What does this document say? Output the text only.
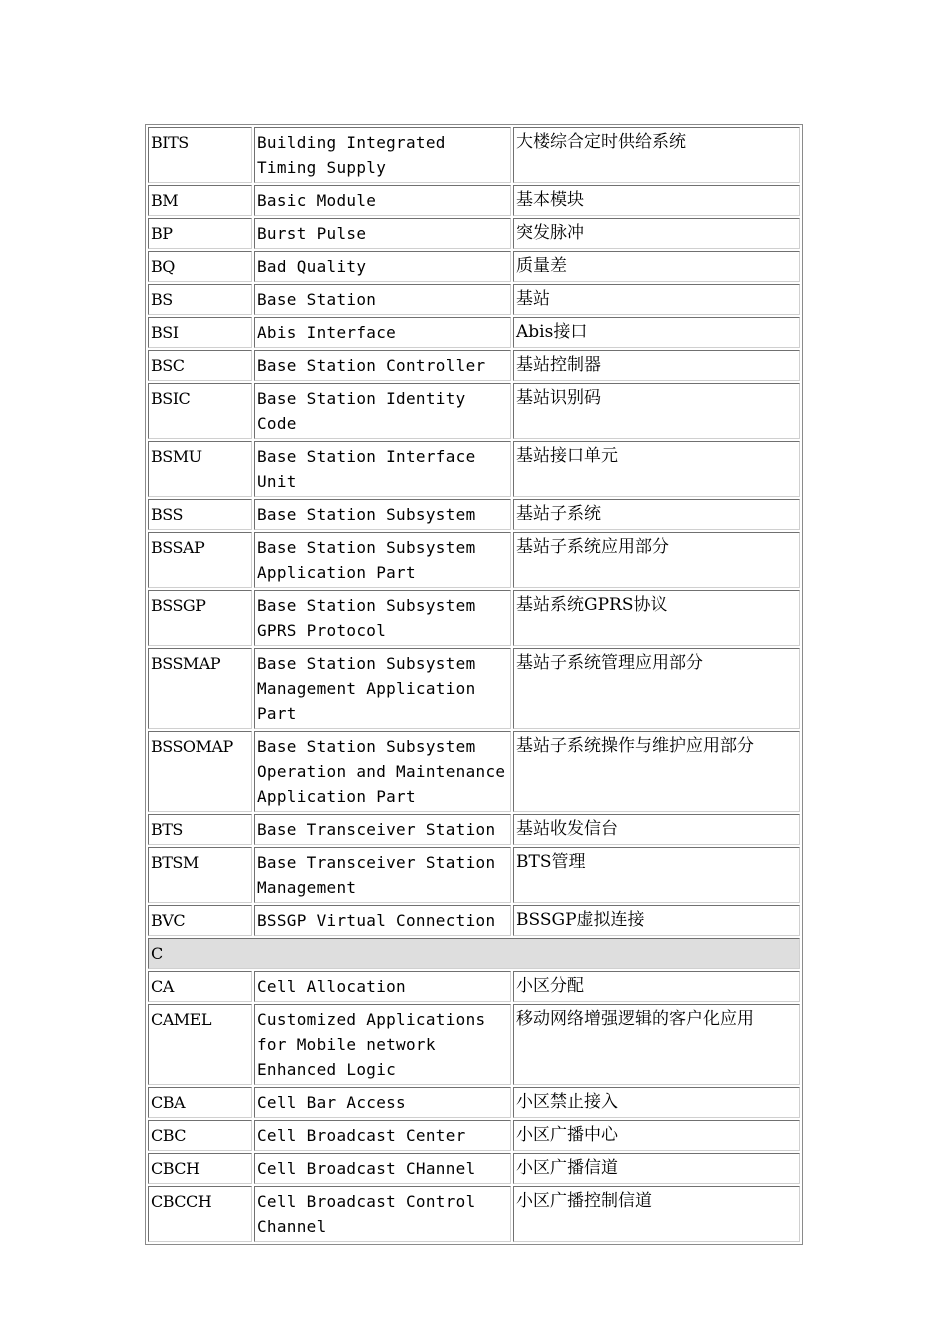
BITS	Building Integrated Timing Supply	大楼综合定时供给系统
BM	Basic Module	基本模块
BP	Burst Pulse	突发脉冲
BQ	Bad Quality	质量差
BS	Base Station	基站
BSI	Abis Interface	Abis接口
BSC	Base Station Controller	基站控制器
BSIC	Base Station Identity Code	基站识别码
BSMU	Base Station Interface Unit	基站接口单元
BSS	Base Station Subsystem	基站子系统
BSSAP	Base Station Subsystem Application Part	基站子系统应用部分
BSSGP	Base Station Subsystem GPRS Protocol	基站系统GPRS协议
BSSMAP	Base Station Subsystem Management Application Part	基站子系统管理应用部分
BSSOMAP	Base Station Subsystem Operation and Maintenance Application Part	基站子系统操作与维护应用部分
BTS	Base Transceiver Station	基站收发信台
BTSM	Base Transceiver Station Management	BTS管理
BVC	BSSGP Virtual Connection	BSSGP虚拟连接
C		
CA	Cell Allocation	小区分配
CAMEL	Customized Applications for Mobile network Enhanced Logic	移动网络增强逻辑的客户化应用
CBA	Cell Bar Access	小区禁止接入
CBC	Cell Broadcast Center	小区广播中心
CBCH	Cell Broadcast CHannel	小区广播信道
CBCCH	Cell Broadcast Control Channel	小区广播控制信道
